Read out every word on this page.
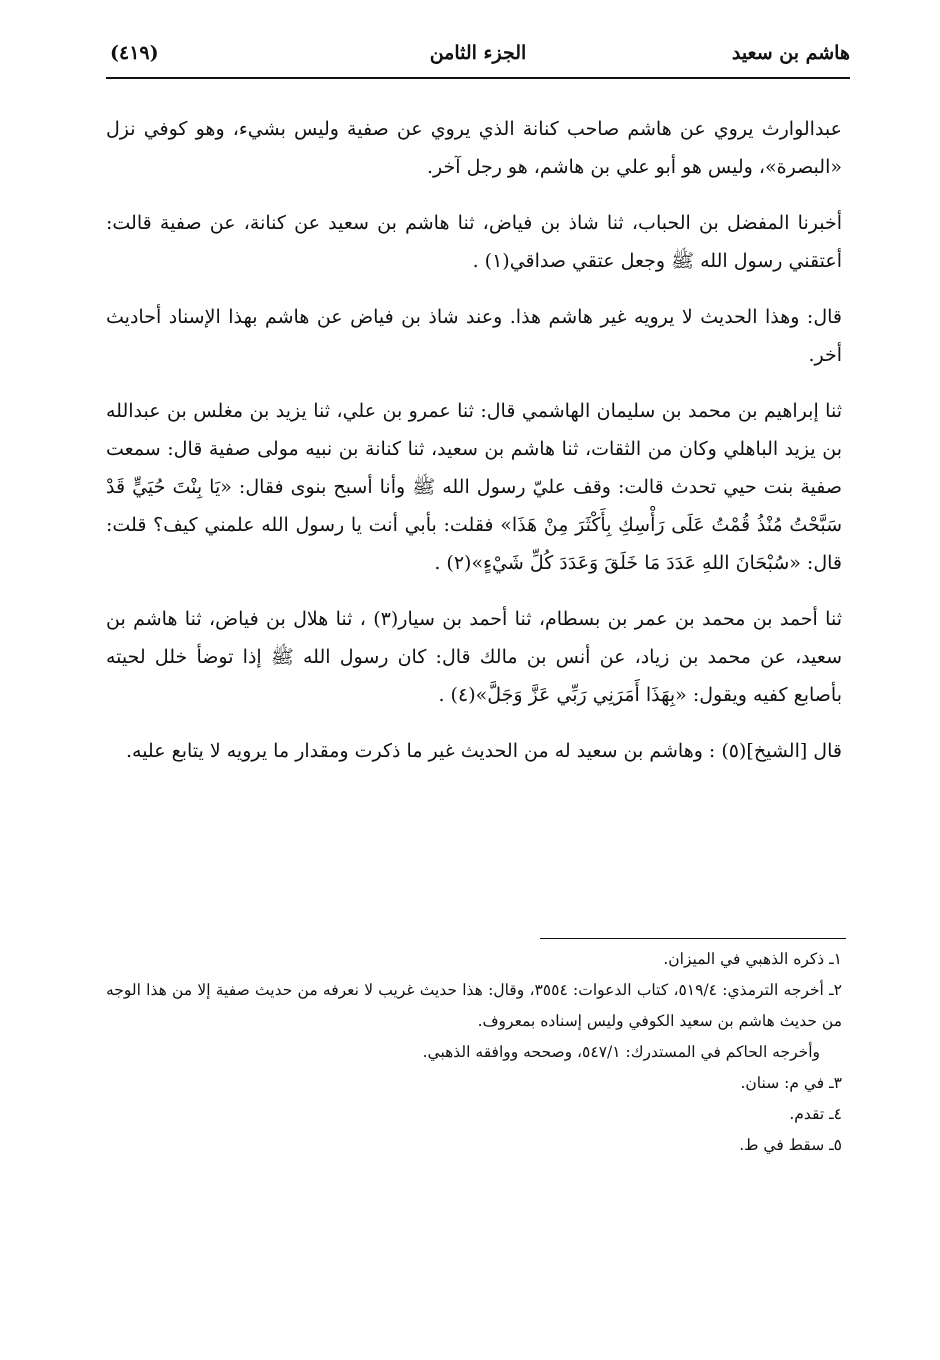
هاشم بن سعيد
الجزء الثامن
(٤١٩)

عبدالوارث يروي عن هاشم صاحب كنانة الذي يروي عن صفية وليس بشيء، وهو كوفي نزل «البصرة»، وليس هو أبو علي بن هاشم، هو رجل آخر.

أخبرنا المفضل بن الحباب، ثنا شاذ بن فياض، ثنا هاشم بن سعيد عن كنانة، عن صفية قالت: أعتقني رسول الله ﷺ وجعل عتقي صداقي(١) .

قال: وهذا الحديث لا يرويه غير هاشم هذا. وعند شاذ بن فياض عن هاشم بهذا الإسناد أحاديث أخر.

ثنا إبراهيم بن محمد بن سليمان الهاشمي قال: ثنا عمرو بن علي، ثنا يزيد بن مغلس بن عبدالله بن يزيد الباهلي وكان من الثقات، ثنا هاشم بن سعيد، ثنا كنانة بن نبيه مولى صفية قال: سمعت صفية بنت حيي تحدث قالت: وقف عليّ رسول الله ﷺ وأنا أسبح بنوى فقال: «يَا بِنْتَ حُيَيٍّ قَدْ سَبَّحْتُ مُنْذُ قُمْتُ عَلَى رَأْسِكِ بِأَكْثَرَ مِنْ هَذَا» فقلت: بأبي أنت يا رسول الله علمني كيف؟ قلت: قال: «سُبْحَانَ اللهِ عَدَدَ مَا خَلَقَ وَعَدَدَ كُلِّ شَيْءٍ»(٢) .

ثنا أحمد بن محمد بن عمر بن بسطام، ثنا أحمد بن سيار(٣) ، ثنا هلال بن فياض، ثنا هاشم بن سعيد، عن محمد بن زياد، عن أنس بن مالك قال: كان رسول الله ﷺ إذا توضأ خلل لحيته بأصابع كفيه ويقول: «بِهَذَا أَمَرَنِي رَبِّي عَزَّ وَجَلَّ»(٤) .

قال [الشيخ](٥) : وهاشم بن سعيد له من الحديث غير ما ذكرت ومقدار ما يرويه لا يتابع عليه.

١ـ ذكره الذهبي في الميزان.

٢ـ أخرجه الترمذي: ٥١٩/٤، كتاب الدعوات: ٣٥٥٤، وقال: هذا حديث غريب لا نعرفه من حديث صفية إلا من هذا الوجه من حديث هاشم بن سعيد الكوفي وليس إسناده بمعروف.

وأخرجه الحاكم في المستدرك: ٥٤٧/١، وصححه ووافقه الذهبي.

٣ـ في م: سنان.

٤ـ تقدم.

٥ـ سقط في ط.
